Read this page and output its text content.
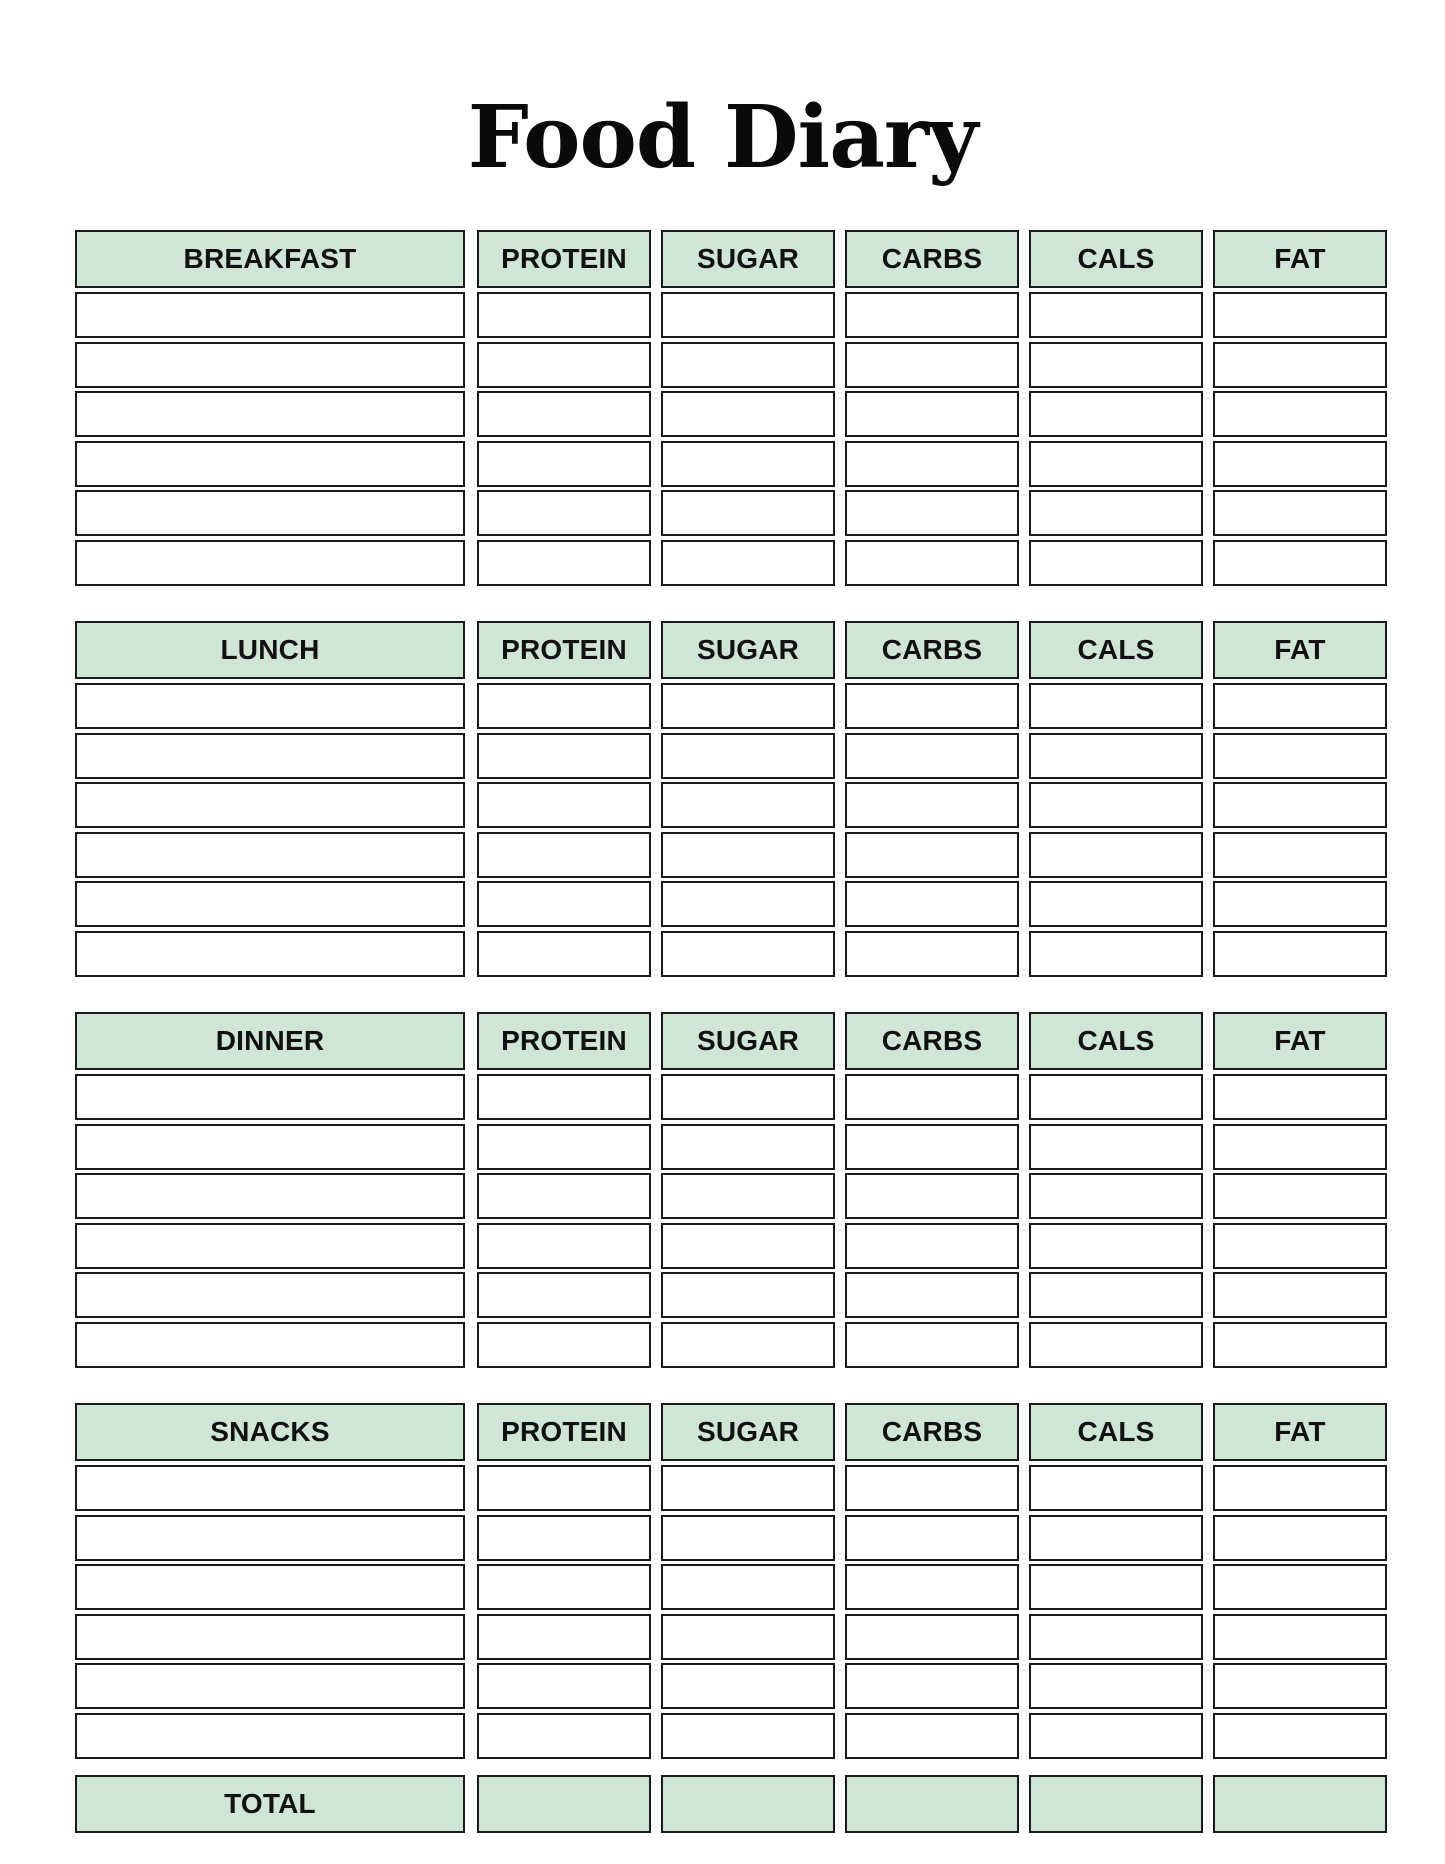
Food Diary
BREAKFAST	PROTEIN	SUGAR	CARBS	CALS	FAT
LUNCH	PROTEIN	SUGAR	CARBS	CALS	FAT
DINNER	PROTEIN	SUGAR	CARBS	CALS	FAT
SNACKS	PROTEIN	SUGAR	CARBS	CALS	FAT
TOTAL
